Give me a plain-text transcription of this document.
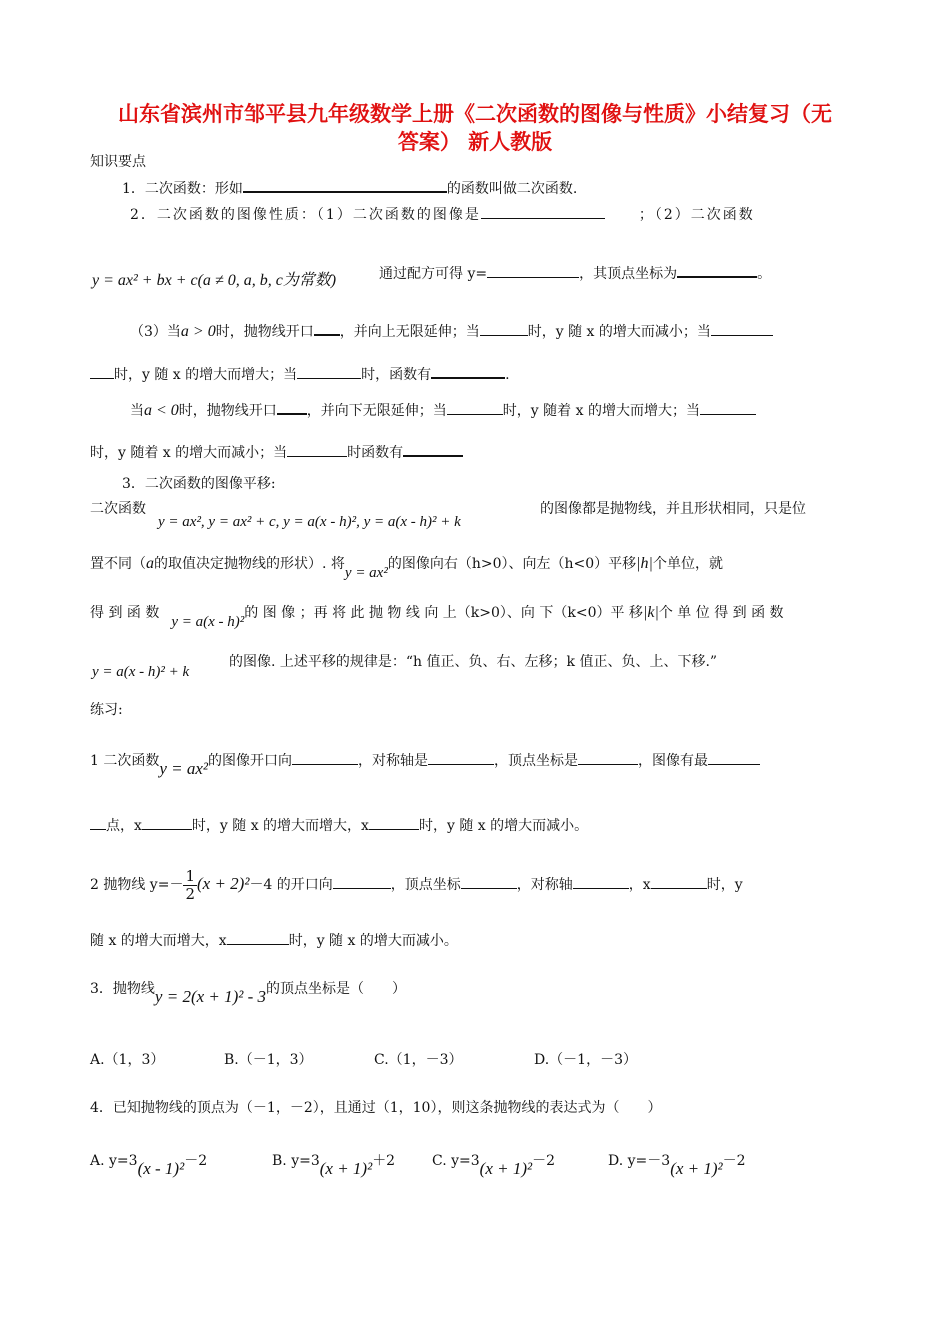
山东省滨州市邹平县九年级数学上册《二次函数的图像与性质》小结复习（无
答案） 新人教版
知识要点
1．二次函数：形如	的函数叫做二次函数.
2．二次函数的图像性质：（1）二次函数的图像是	；（2）二次函数
y = ax² + bx + c(a ≠ 0, a, b, c为常数)	通过配方可得 y=	，其顶点坐标为	。
（3）当a > 0时，抛物线开口 ，并向上无限延伸；当	时，y 随 x 的增大而减小；当
时，y 随 x 的增大而增大；当	时，函数有	.
当a < 0时，抛物线开口 ，并向下无限延伸；当	时，y 随着 x 的增大而增大；当
时，y 随着 x 的增大而减小；当	时函数有
3．二次函数的图像平移:
二次函数
y = ax², y = ax² + c, y = a(x - h)², y = a(x - h)² + k
的图像都是抛物线，并且形状相同，只是位
置不同（a的取值决定抛物线的形状）. 将y = ax²的图像向右（h>0）、向左（h<0）平移|h|个单位，就
得 到 函 数y = a(x - h)²的 图 像 ；再 将 此 抛 物 线 向 上（k>0）、向 下（k<0）平 移|k|个 单 位 得 到 函 数
y = a(x - h)² + k
的图像. 上述平移的规律是：“h 值正、负、右、左移；k 值正、负、上、下移.”
练习:
1 二次函数y = ax²的图像开口向	，对称轴是	，顶点坐标是	，图像有最
点，x	时，y 随 x 的增大而增大，x	时，y 随 x 的增大而减小。
2 抛物线 $y=- \frac{1}{2} (x + 2)^2-4$ 的开口向	，顶点坐标	，对称轴	，x	时，y
随 x 的增大而增大，x	时，y 随 x 的增大而减小。
3．抛物线y = 2(x + 1)² - 3的顶点坐标是（　　）
A.（1，3）	B.（－1，3）	C.（1，－3）	D.（－1，－3）
4．已知抛物线的顶点为（－1，－2），且通过（1，10），则这条抛物线的表达式为（　　）
A. y=3(x - 1)²－2	B. y=3(x + 1)²＋2	C. y=3(x + 1)²－2	D. y=－3(x + 1)²－2
